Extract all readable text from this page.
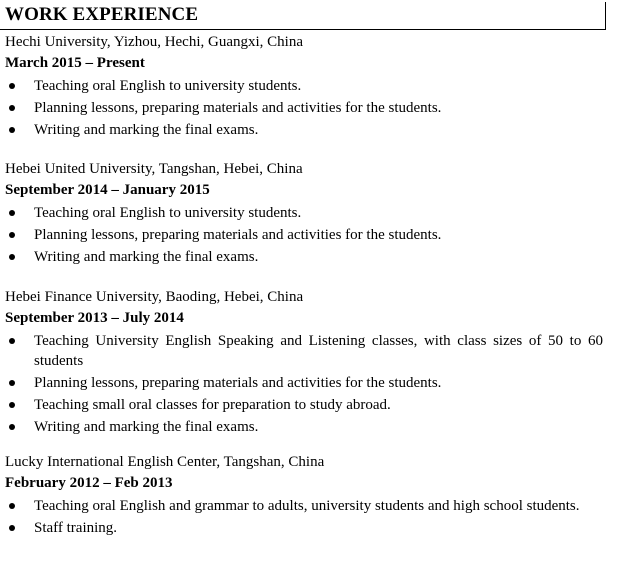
WORK EXPERIENCE
Hechi University, Yizhou, Hechi, Guangxi, China
March 2015 – Present
Teaching oral English to university students.
Planning lessons, preparing materials and activities for the students.
Writing and marking the final exams.
Hebei United University, Tangshan, Hebei, China
September 2014 – January 2015
Teaching oral English to university students.
Planning lessons, preparing materials and activities for the students.
Writing and marking the final exams.
Hebei Finance University, Baoding, Hebei, China
September 2013 – July 2014
Teaching University English Speaking and Listening classes, with class sizes of 50 to 60 students
Planning lessons, preparing materials and activities for the students.
Teaching small oral classes for preparation to study abroad.
Writing and marking the final exams.
Lucky International English Center, Tangshan, China
February 2012 – Feb 2013
Teaching oral English and grammar to adults, university students and high school students.
Staff training.
